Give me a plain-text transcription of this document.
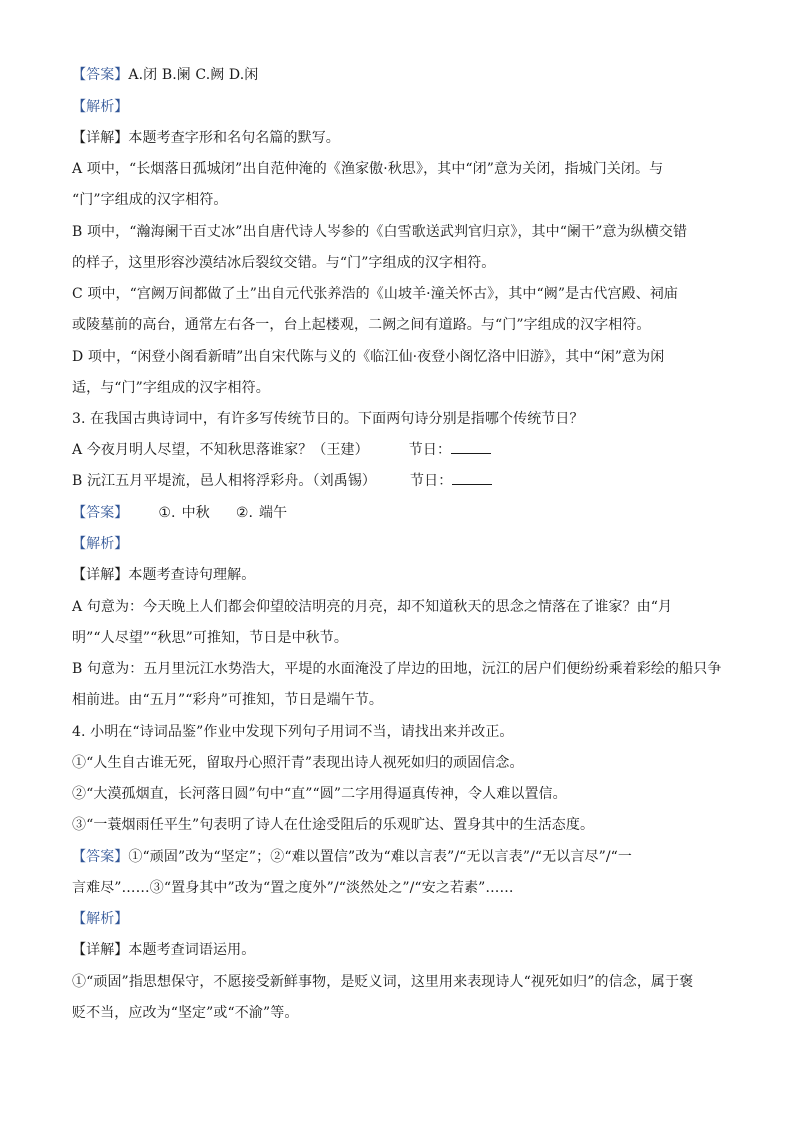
【答案】A.闭 B.阑 C.阙 D.闲
【解析】
【详解】本题考查字形和名句名篇的默写。
A 项中，“长烟落日孤城闭”出自范仲淹的《渔家傲·秋思》，其中“闭”意为关闭，指城门关闭。与
“门”字组成的汉字相符。
B 项中，“瀚海阑干百丈冰”出自唐代诗人岑参的《白雪歌送武判官归京》，其中“阑干”意为纵横交错
的样子，这里形容沙漠结冰后裂纹交错。与“门”字组成的汉字相符。
C 项中，“宫阙万间都做了土”出自元代张养浩的《山坡羊·潼关怀古》，其中“阙”是古代宫殿、祠庙
或陵墓前的高台，通常左右各一，台上起楼观，二阙之间有道路。与“门”字组成的汉字相符。
D 项中，“闲登小阁看新晴”出自宋代陈与义的《临江仙·夜登小阁忆洛中旧游》，其中“闲”意为闲
适，与“门”字组成的汉字相符。
3. 在我国古典诗词中，有许多写传统节日的。下面两句诗分别是指哪个传统节日？
A 今夜月明人尽望，不知秋思落谁家？（王建）	节日：
B 沅江五月平堤流，邑人相将浮彩舟。（刘禹锡） 节日：
【答案】 ①. 中秋 ②. 端午
【解析】
【详解】本题考查诗句理解。
A 句意为：今天晚上人们都会仰望皎洁明亮的月亮，却不知道秋天的思念之情落在了谁家？由“月
明”“人尽望”“秋思”可推知，节日是中秋节。
B 句意为：五月里沅江水势浩大，平堤的水面淹没了岸边的田地，沅江的居户们便纷纷乘着彩绘的船只争
相前进。由“五月”“彩舟”可推知，节日是端午节。
4. 小明在“诗词品鉴”作业中发现下列句子用词不当，请找出来并改正。
①“人生自古谁无死，留取丹心照汗青”表现出诗人视死如归的顽固信念。
②“大漠孤烟直，长河落日圆”句中“直”“圆”二字用得逼真传神，令人难以置信。
③“一蓑烟雨任平生”句表明了诗人在仕途受阻后的乐观旷达、置身其中的生活态度。
【答案】①“顽固”改为“坚定”；②“难以置信”改为“难以言表”/“无以言表”/“无以言尽”/“一
言难尽”……③“置身其中”改为“置之度外”/“淡然处之”/“安之若素”……
【解析】
【详解】本题考查词语运用。
①“顽固”指思想保守，不愿接受新鲜事物，是贬义词，这里用来表现诗人“视死如归”的信念，属于褒
贬不当，应改为“坚定”或“不渝”等。
